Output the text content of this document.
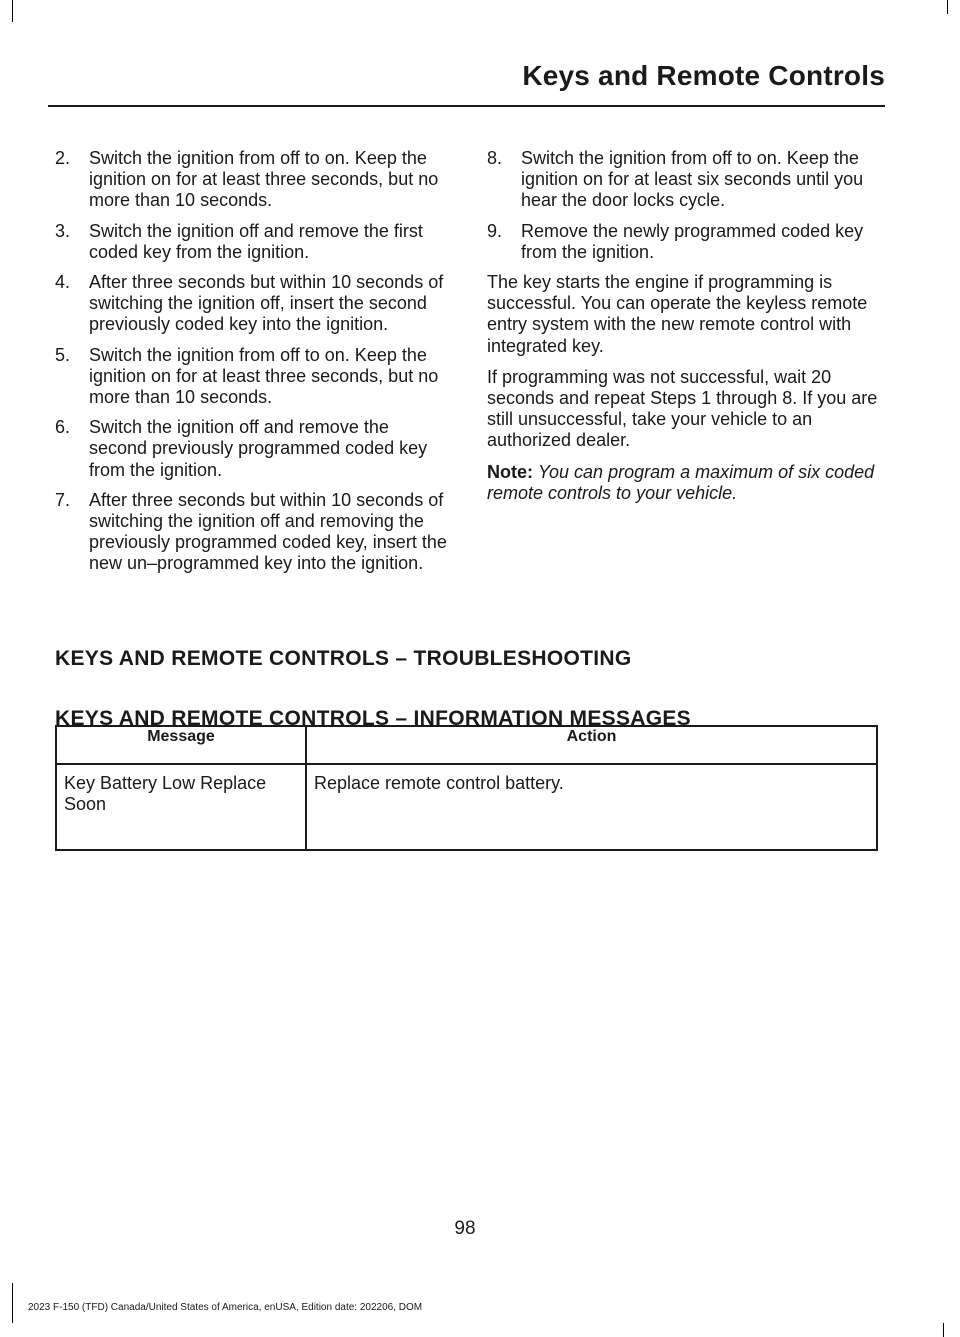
Keys and Remote Controls
2. Switch the ignition from off to on. Keep the ignition on for at least three seconds, but no more than 10 seconds.
3. Switch the ignition off and remove the first coded key from the ignition.
4. After three seconds but within 10 seconds of switching the ignition off, insert the second previously coded key into the ignition.
5. Switch the ignition from off to on. Keep the ignition on for at least three seconds, but no more than 10 seconds.
6. Switch the ignition off and remove the second previously programmed coded key from the ignition.
7. After three seconds but within 10 seconds of switching the ignition off and removing the previously programmed coded key, insert the new un–programmed key into the ignition.
8. Switch the ignition from off to on. Keep the ignition on for at least six seconds until you hear the door locks cycle.
9. Remove the newly programmed coded key from the ignition.

The key starts the engine if programming is successful. You can operate the keyless remote entry system with the new remote control with integrated key.

If programming was not successful, wait 20 seconds and repeat Steps 1 through 8. If you are still unsuccessful, take your vehicle to an authorized dealer.

Note: You can program a maximum of six coded remote controls to your vehicle.

KEYS AND REMOTE CONTROLS – TROUBLESHOOTING
KEYS AND REMOTE CONTROLS – INFORMATION MESSAGES
Message	Action
Key Battery Low Replace Soon	Replace remote control battery.
98
2023 F-150 (TFD) Canada/United States of America, enUSA, Edition date: 202206, DOM
